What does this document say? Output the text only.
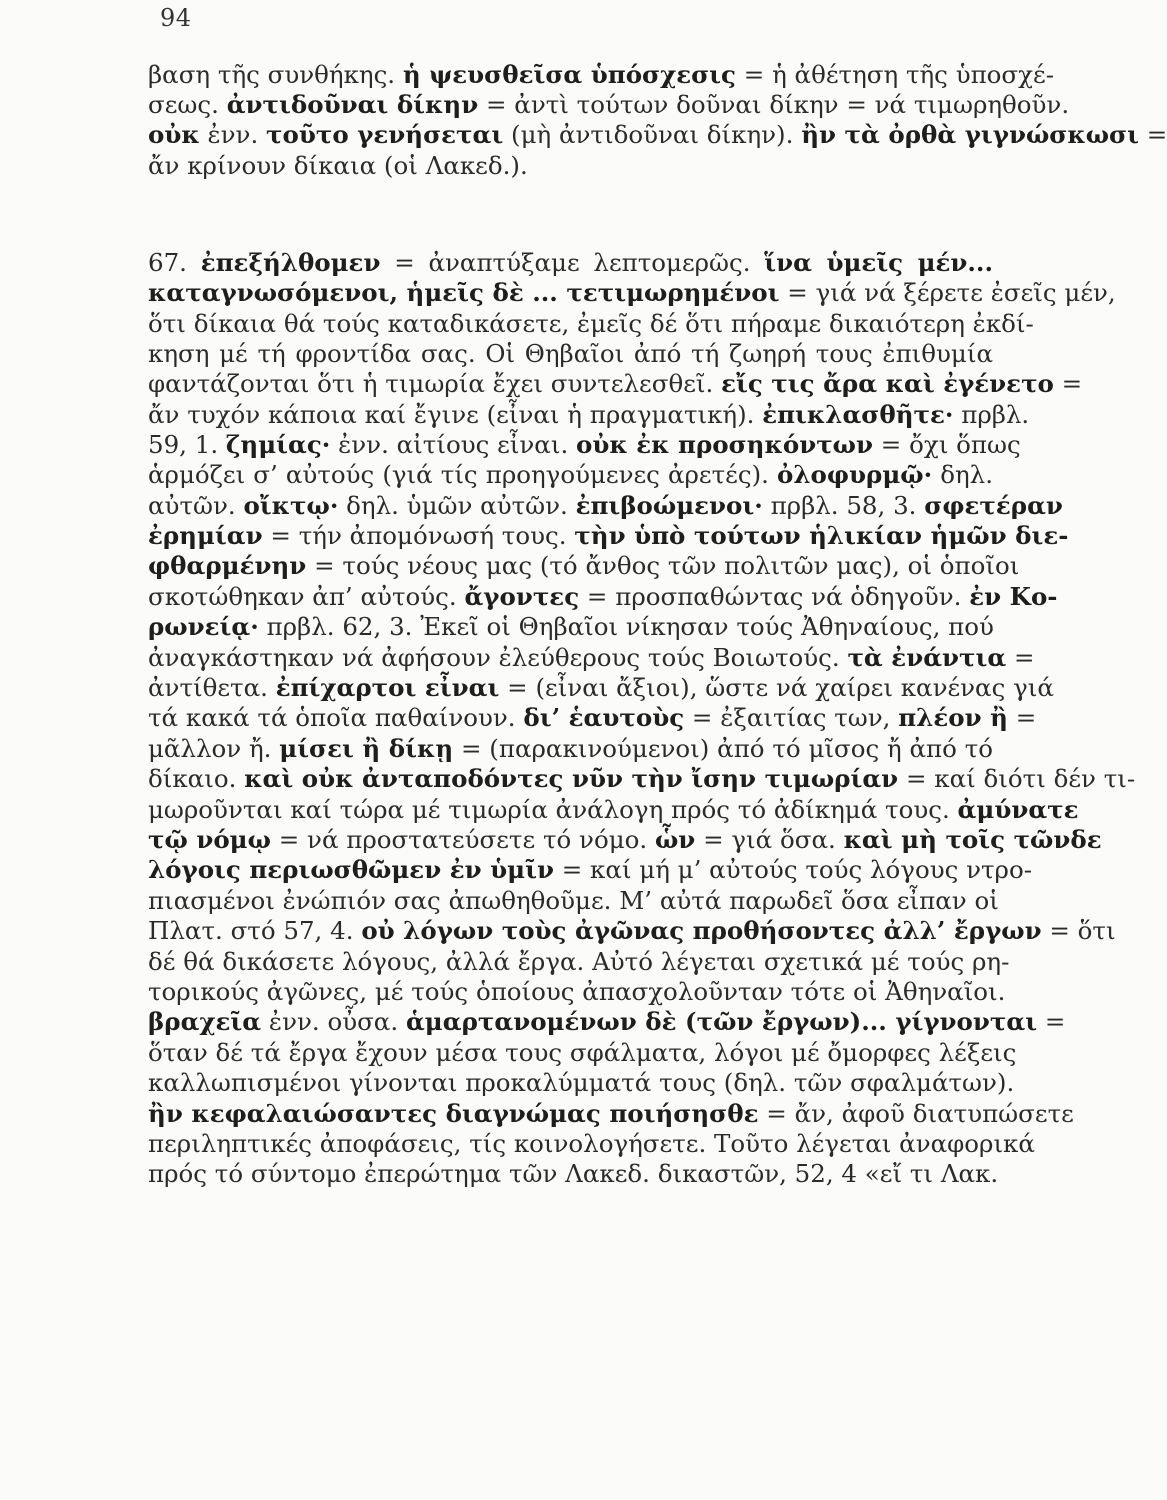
94
βαση τῆς συνθήκης. ἡ ψευσθεῖσα ὑπόσχεσις = ἡ ἀθέτηση τῆς ὑποσχέ-
σεως. ἀντιδοῦναι δίκην = ἀντὶ τούτων δοῦναι δίκην = νά τιμωρηθοῦν.
οὐκ ἐνν. τοῦτο γενήσεται (μὴ ἀντιδοῦναι δίκην). ἢν τὰ ὀρθὰ γιγνώσκωσι =
ἄν κρίνουν δίκαια (οἱ Λακεδ.).
67. ἐπεξήλθομεν = ἀναπτύξαμε λεπτομερῶς. ἵνα ὑμεῖς μέν...
καταγνωσόμενοι, ἡμεῖς δὲ ... τετιμωρημένοι = γιά νά ξέρετε ἐσεῖς μέν,
ὅτι δίκαια θά τούς καταδικάσετε, ἐμεῖς δέ ὅτι πήραμε δικαιότερη ἐκδί-
κηση μέ τή φροντίδα σας. Οἱ Θηβαῖοι ἀπό τή ζωηρή τους ἐπιθυμία
φαντάζονται ὅτι ἡ τιμωρία ἔχει συντελεσθεῖ. εἴς τις ἄρα καὶ ἐγένετο =
ἄν τυχόν κάποια καί ἔγινε (εἶναι ἡ πραγματική). ἐπικλασθῆτε· πρβλ.
59, 1. ζημίας· ἐνν. αἰτίους εἶναι. οὐκ ἐκ προσηκόντων = ὄχι ὅπως
ἁρμόζει σ’ αὐτούς (γιά τίς προηγούμενες ἀρετές). ὀλοφυρμῷ· δηλ.
αὐτῶν. οἴκτῳ· δηλ. ὑμῶν αὐτῶν. ἐπιβοώμενοι· πρβλ. 58, 3. σφετέραν
ἐρημίαν = τήν ἀπομόνωσή τους. τὴν ὑπὸ τούτων ἡλικίαν ἡμῶν διε-
φθαρμένην = τούς νέους μας (τό ἄνθος τῶν πολιτῶν μας), οἱ ὁποῖοι
σκοτώθηκαν ἀπ’ αὐτούς. ἄγοντες = προσπαθώντας νά ὁδηγοῦν. ἐν Κο-
ρωνείᾳ· πρβλ. 62, 3. Ἐκεῖ οἱ Θηβαῖοι νίκησαν τούς Ἀθηναίους, πού
ἀναγκάστηκαν νά ἀφήσουν ἐλεύθερους τούς Βοιωτούς. τὰ ἐνάντια =
ἀντίθετα. ἐπίχαρτοι εἶναι = (εἶναι ἄξιοι), ὥστε νά χαίρει κανένας γιά
τά κακά τά ὁποῖα παθαίνουν. δι’ ἑαυτοὺς = ἐξαιτίας των, πλέον ἢ =
μᾶλλον ἤ. μίσει ἢ δίκῃ = (παρακινούμενοι) ἀπό τό μῖσος ἤ ἀπό τό
δίκαιο. καὶ οὐκ ἀνταποδόντες νῦν τὴν ἴσην τιμωρίαν = καί διότι δέν τι-
μωροῦνται καί τώρα μέ τιμωρία ἀνάλογη πρός τό ἀδίκημά τους. ἀμύνατε
τῷ νόμῳ = νά προστατεύσετε τό νόμο. ὧν = γιά ὅσα. καὶ μὴ τοῖς τῶνδε
λόγοις περιωσθῶμεν ἐν ὑμῖν = καί μή μ’ αὐτούς τούς λόγους ντρο-
πιασμένοι ἐνώπιόν σας ἀπωθηθοῦμε. Μ’ αὐτά παρωδεῖ ὅσα εἶπαν οἱ
Πλατ. στό 57, 4. οὐ λόγων τοὺς ἀγῶνας προθήσοντες ἀλλ’ ἔργων = ὅτι
δέ θά δικάσετε λόγους, ἀλλά ἔργα. Αὐτό λέγεται σχετικά μέ τούς ρη-
τορικούς ἀγῶνες, μέ τούς ὁποίους ἀπασχολοῦνταν τότε οἱ Ἀθηναῖοι.
βραχεῖα ἐνν. οὖσα. ἁμαρτανομένων δὲ (τῶν ἔργων)... γίγνονται =
ὅταν δέ τά ἔργα ἔχουν μέσα τους σφάλματα, λόγοι μέ ὄμορφες λέξεις
καλλωπισμένοι γίνονται προκαλύμματά τους (δηλ. τῶν σφαλμάτων).
ἢν κεφαλαιώσαντες διαγνώμας ποιήσησθε = ἄν, ἀφοῦ διατυπώσετε
περιληπτικές ἀποφάσεις, τίς κοινολογήσετε. Τοῦτο λέγεται ἀναφορικά
πρός τό σύντομο ἐπερώτημα τῶν Λακεδ. δικαστῶν, 52, 4 «εἴ τι Λακ.
